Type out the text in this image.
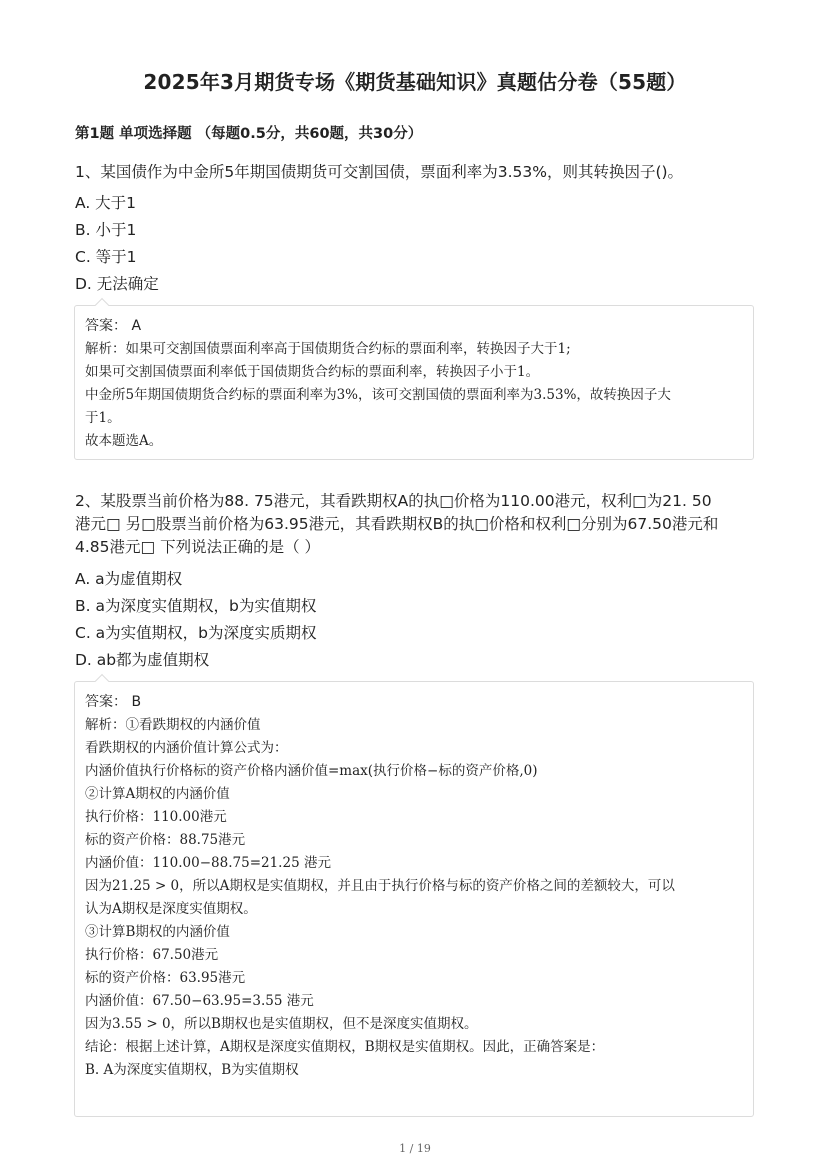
2025年3月期货专场《期货基础知识》真题估分卷（55题）
第1题 单项选择题 （每题0.5分，共60题，共30分）
1、某国债作为中金所5年期国债期货可交割国债，票面利率为3.53%，则其转换因子()。
A. 大于1
B. 小于1
C. 等于1
D. 无法确定
答案： A
解析：如果可交割国债票面利率高于国债期货合约标的票面利率，转换因子大于1;
如果可交割国债票面利率低于国债期货合约标的票面利率，转换因子小于1。
中金所5年期国债期货合约标的票面利率为3%，该可交割国债的票面利率为3.53%，故转换因子大
于1。
故本题选A。
2、某股票当前价格为88. 75港元，其看跌期权A的执□价格为110.00港元，权利□为21. 50
港元□ 另□股票当前价格为63.95港元，其看跌期权B的执□价格和权利□分别为67.50港元和
4.85港元□ 下列说法正确的是（ ）
A. a为虚值期权
B. a为深度实值期权，b为实值期权
C. a为实值期权，b为深度实质期权
D. ab都为虚值期权
答案： B
解析：①看跌期权的内涵价值
看跌期权的内涵价值计算公式为：
内涵价值执行价格标的资产价格内涵价值=max(执行价格−标的资产价格,0)
②计算A期权的内涵价值
执行价格：110.00港元
标的资产价格：88.75港元
内涵价值：110.00−88.75=21.25 港元
因为21.25 > 0，所以A期权是实值期权，并且由于执行价格与标的资产价格之间的差额较大，可以
认为A期权是深度实值期权。
③计算B期权的内涵价值
执行价格：67.50港元
标的资产价格：63.95港元
内涵价值：67.50−63.95=3.55 港元
因为3.55 > 0，所以B期权也是实值期权，但不是深度实值期权。
结论：根据上述计算，A期权是深度实值期权，B期权是实值期权。因此，正确答案是：
B. A为深度实值期权，B为实值期权
1 / 19
